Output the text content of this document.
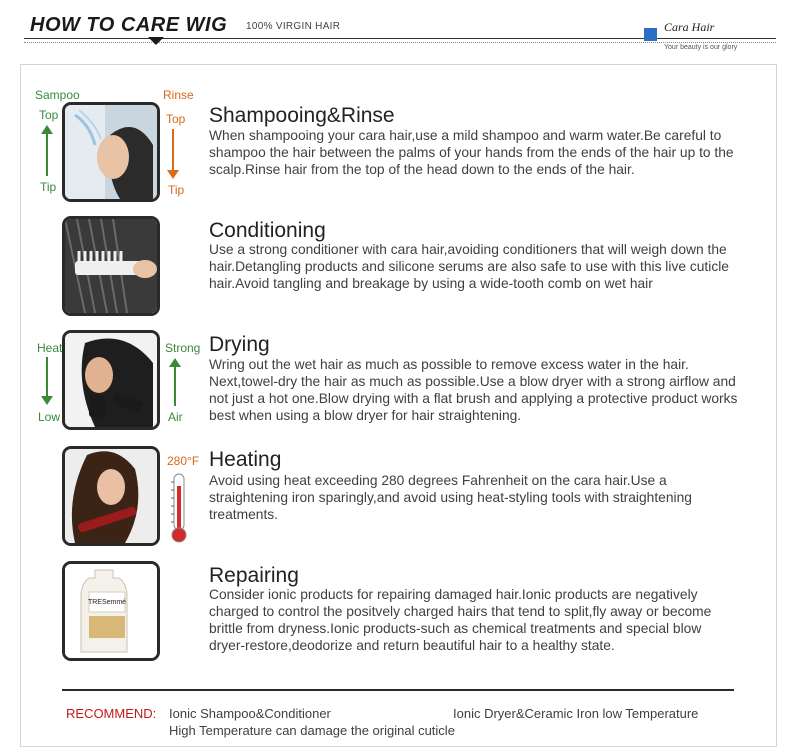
HOW TO CARE WIG 100% VIRGIN HAIR	Cara Hair
Your beauty is our glory
Sampoo
Top
Tip
Rinse
Top
Tip
Shampooing&Rinse
When shampooing your cara hair,use a mild shampoo and warm water.Be careful to shampoo the hair between the palms of your hands from the ends of the hair up to the scalp.Rinse hair from the top of the head down to the ends of the hair.
Conditioning
Use a strong conditioner with cara hair,avoiding conditioners that will weigh down the hair.Detangling products and silicone serums are also safe to use with this live cuticle hair.Avoid tangling and breakage by using a wide-tooth comb on wet hair
Heat
Low
Strong
Air
Drying
Wring out the wet hair as much as possible to remove excess water in the hair. Next,towel-dry the hair as much as possible.Use a blow dryer with a strong airflow and not just a hot one.Blow drying with a flat brush and applying a protective product works best when using a blow dryer for hair straightening.
280°F Heating
Avoid using heat exceeding 280 degrees Fahrenheit on the cara hair.Use a straightening iron sparingly,and avoid using heat-styling tools with straightening treatments.
TRESemmé
Repairing
Consider ionic products for repairing damaged hair.Ionic products are negatively charged to control the positvely charged hairs that tend to split,fly away or become brittle from dryness.Ionic products-such as chemical treatments and special blow dryer-restore,deodorize and return beautiful hair to a healthy state.
RECOMMEND: Ionic Shampoo&Conditioner	Ionic Dryer&Ceramic Iron low Temperature
High Temperature can damage the original cuticle
